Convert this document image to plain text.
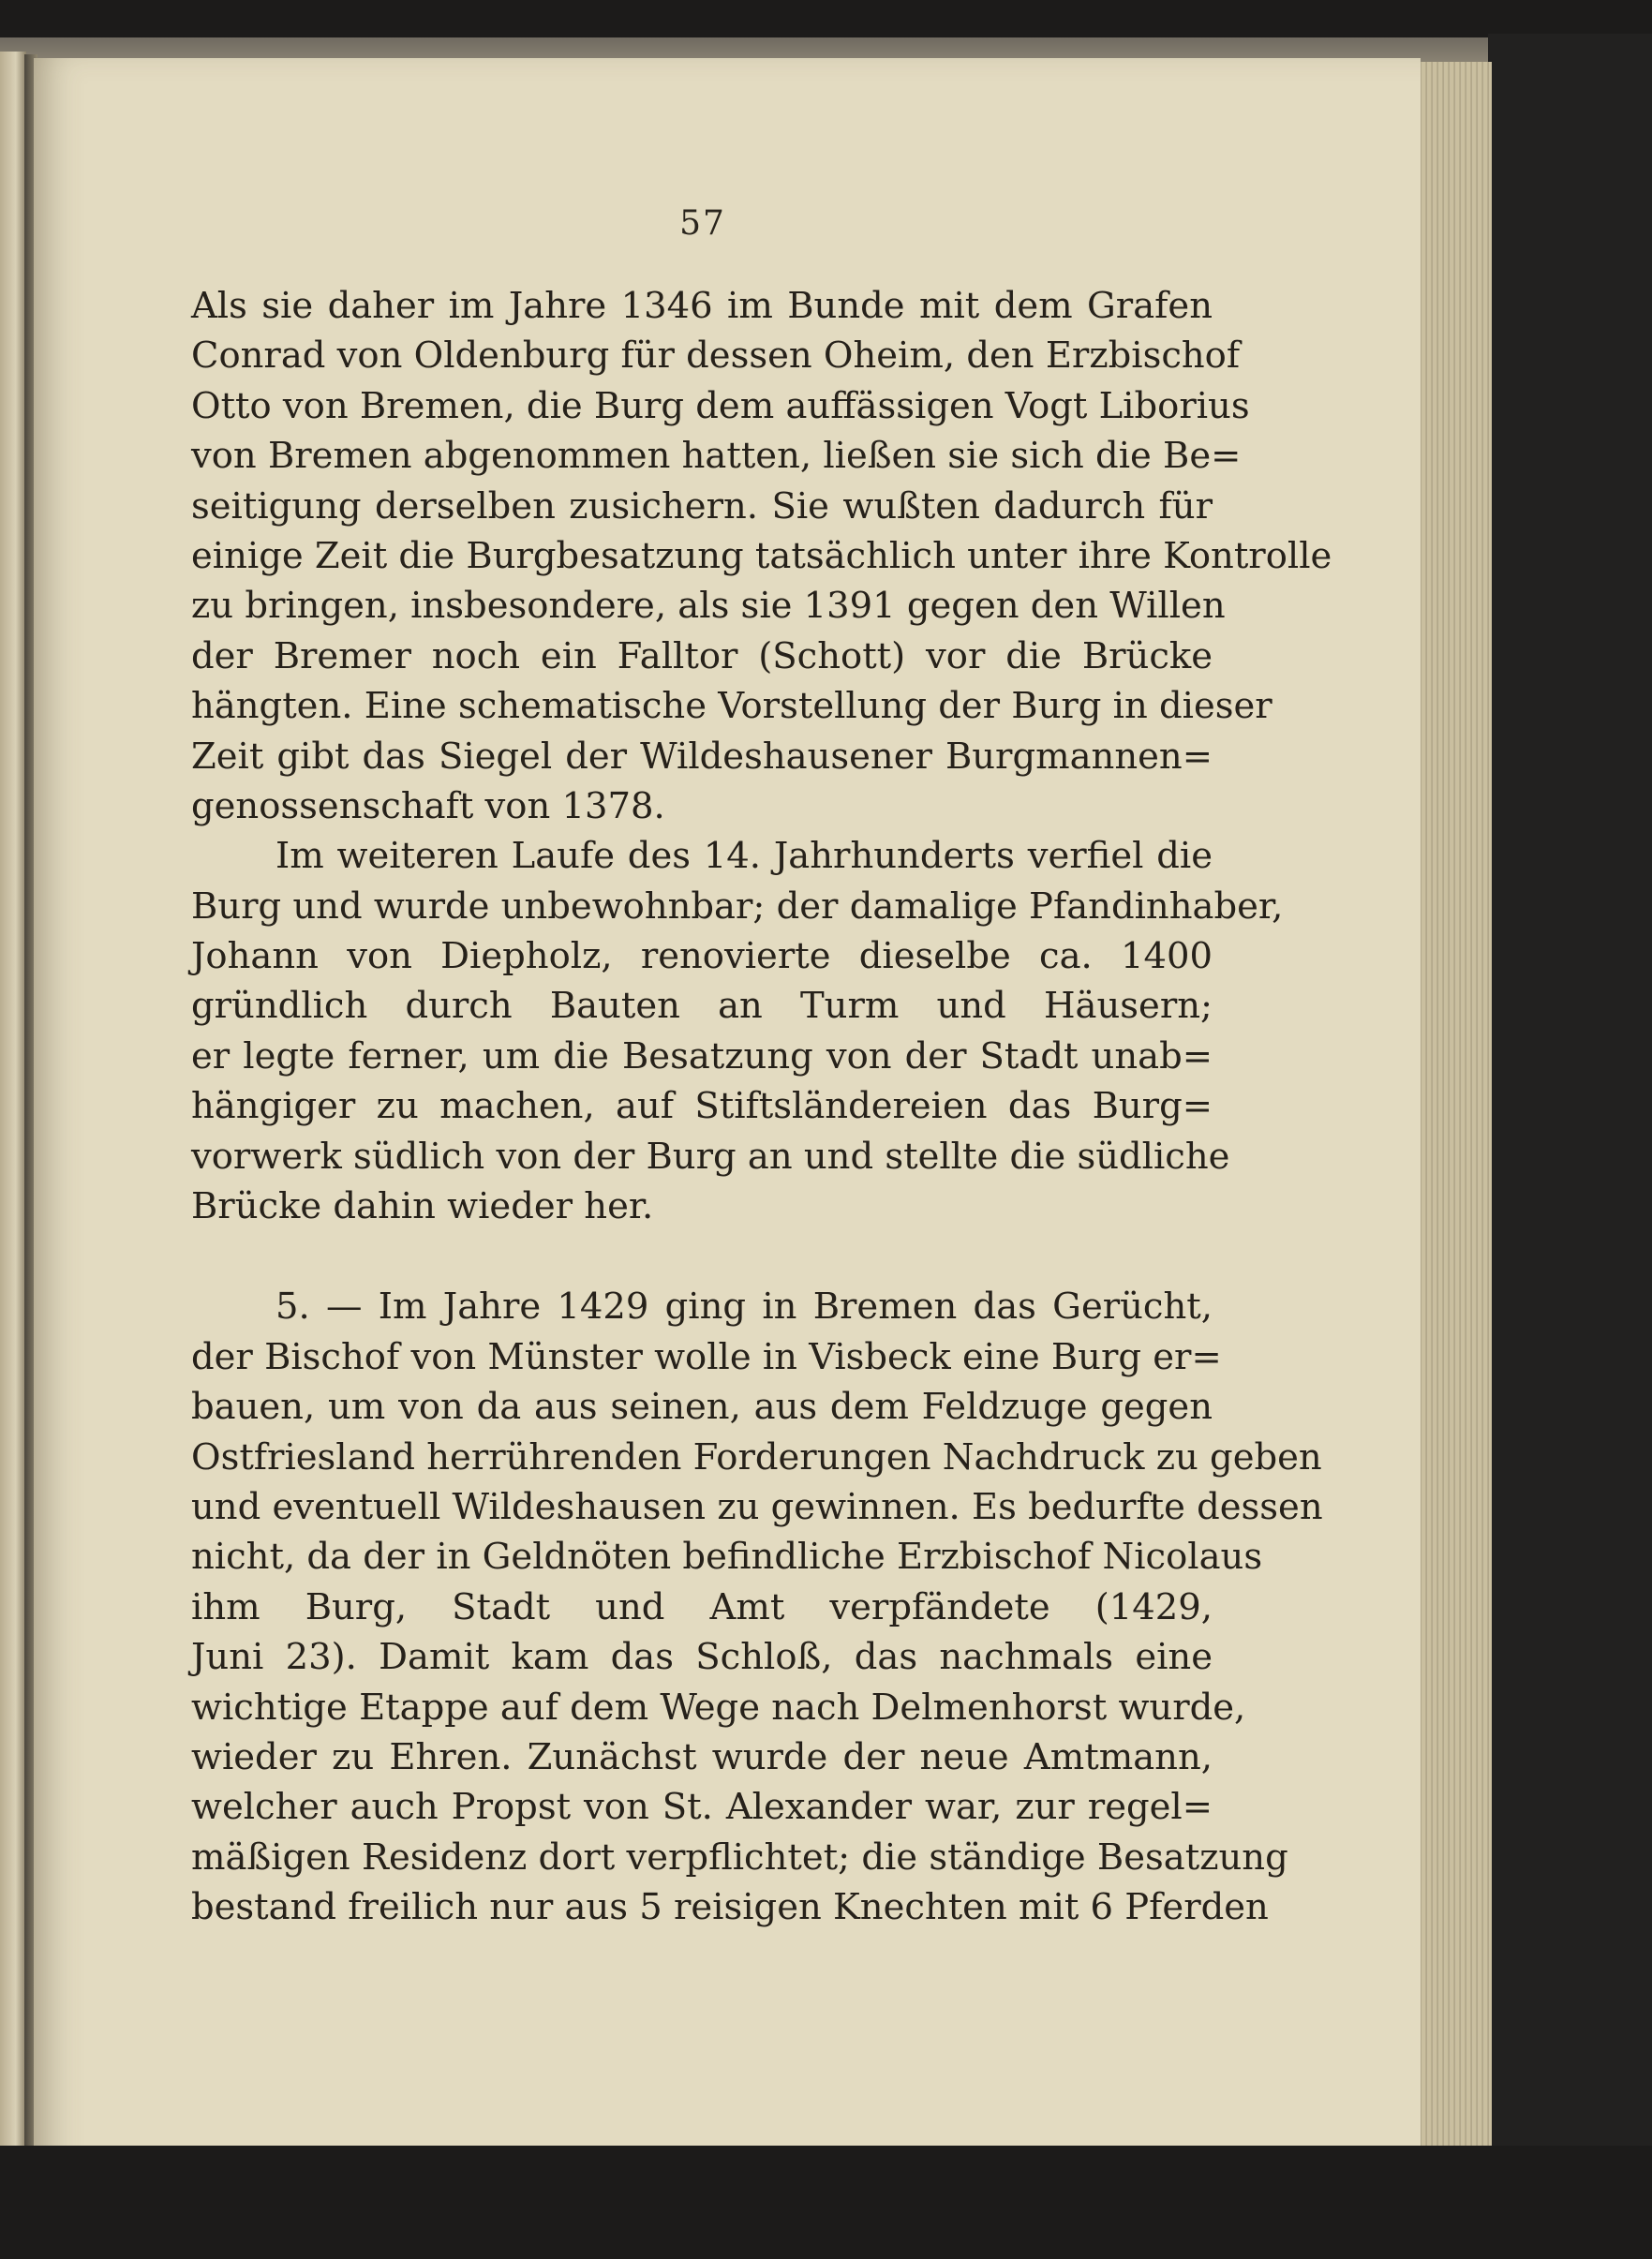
57
Als sie daher im Jahre 1346 im Bunde mit dem Grafen
Conrad von Oldenburg für dessen Oheim, den Erzbischof
Otto von Bremen, die Burg dem auffässigen Vogt Liborius
von Bremen abgenommen hatten, ließen sie sich die Be=
seitigung derselben zusichern. Sie wußten dadurch für
einige Zeit die Burgbesatzung tatsächlich unter ihre Kontrolle
zu bringen, insbesondere, als sie 1391 gegen den Willen
der Bremer noch ein Falltor (Schott) vor die Brücke
hängten. Eine schematische Vorstellung der Burg in dieser
Zeit gibt das Siegel der Wildeshausener Burgmannen=
genossenschaft von 1378.
Im weiteren Laufe des 14. Jahrhunderts verfiel die
Burg und wurde unbewohnbar; der damalige Pfandinhaber,
Johann von Diepholz, renovierte dieselbe ca. 1400
gründlich durch Bauten an Turm und Häusern;
er legte ferner, um die Besatzung von der Stadt unab=
hängiger zu machen, auf Stiftsländereien das Burg=
vorwerk südlich von der Burg an und stellte die südliche
Brücke dahin wieder her.
5. — Im Jahre 1429 ging in Bremen das Gerücht,
der Bischof von Münster wolle in Visbeck eine Burg er=
bauen, um von da aus seinen, aus dem Feldzuge gegen
Ostfriesland herrührenden Forderungen Nachdruck zu geben
und eventuell Wildeshausen zu gewinnen. Es bedurfte dessen
nicht, da der in Geldnöten befindliche Erzbischof Nicolaus
ihm Burg, Stadt und Amt verpfändete (1429,
Juni 23). Damit kam das Schloß, das nachmals eine
wichtige Etappe auf dem Wege nach Delmenhorst wurde,
wieder zu Ehren. Zunächst wurde der neue Amtmann,
welcher auch Propst von St. Alexander war, zur regel=
mäßigen Residenz dort verpflichtet; die ständige Besatzung
bestand freilich nur aus 5 reisigen Knechten mit 6 Pferden
